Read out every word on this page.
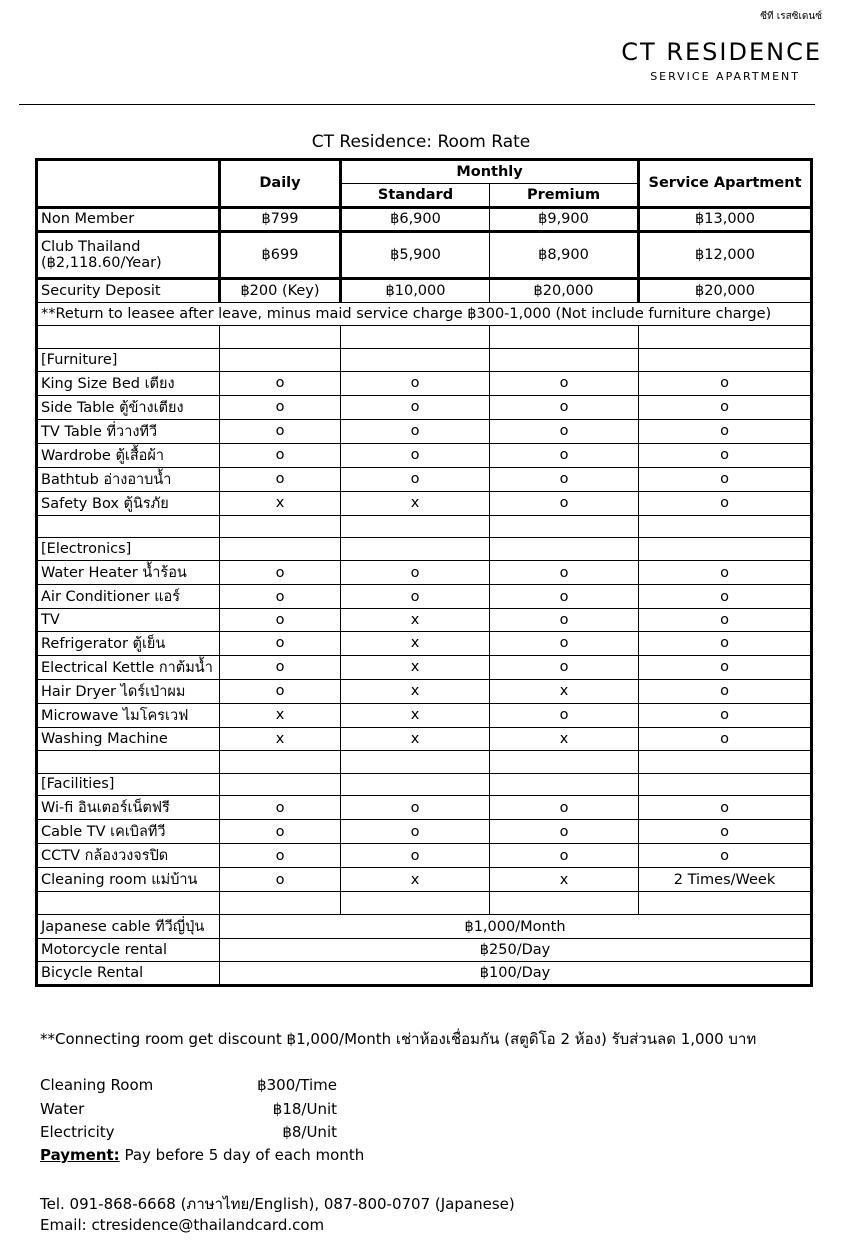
ซีที เรสซิเดนซ์
CT RESIDENCE
SERVICE APARTMENT
CT Residence: Room Rate
	Daily	Monthly		Service Apartment
		Standard	Premium	

Non Member	฿799	฿6,900	฿9,900	฿13,000

Club Thailand
(฿2,118.60/Year)	฿699	฿5,900	฿8,900	฿12,000

Security Deposit	฿200 (Key)	฿10,000	฿20,000	฿20,000
**Return to leasee after leave, minus maid service charge ฿300-1,000 (Not include furniture charge)				

[Furniture]				
King Size Bed เตียง	o	o	o	o
Side Table ตู้ข้างเตียง	o	o	o	o
TV Table ที่วางทีวี	o	o	o	o
Wardrobe ตู้เสื้อผ้า	o	o	o	o
Bathtub อ่างอาบน้ำ	o	o	o	o
Safety Box ตู้นิรภัย	x	x	o	o

[Electronics]				
Water Heater น้ำร้อน	o	o	o	o
Air Conditioner แอร์	o	o	o	o
TV	o	x	o	o
Refrigerator ตู้เย็น	o	x	o	o
Electrical Kettle กาต้มน้ำ	o	x	o	o
Hair Dryer ไดร์เป่าผม	o	x	x	o
Microwave ไมโครเวฟ	x	x	o	o
Washing Machine	x	x	x	o

[Facilities]				
Wi-fi อินเตอร์เน็ตฟรี	o	o	o	o
Cable TV เคเบิลทีวี	o	o	o	o
CCTV กล้องวงจรปิด	o	o	o	o
Cleaning room แม่บ้าน	o	x	x	2 Times/Week

Japanese cable ทีวีญี่ปุ่น	฿1,000/Month			
Motorcycle rental	฿250/Day			
Bicycle Rental	฿100/Day			
**Connecting room get discount ฿1,000/Month เช่าห้องเชื่อมกัน (สตูดิโอ 2 ห้อง) รับส่วนลด 1,000 บาท
Cleaning Room	฿300/Time
Water	฿18/Unit
Electricity	฿8/Unit
Payment: Pay before 5 day of each month
Tel. 091-868-6668 (ภาษาไทย/English), 087-800-0707 (Japanese)
Email: ctresidence@thailandcard.com
